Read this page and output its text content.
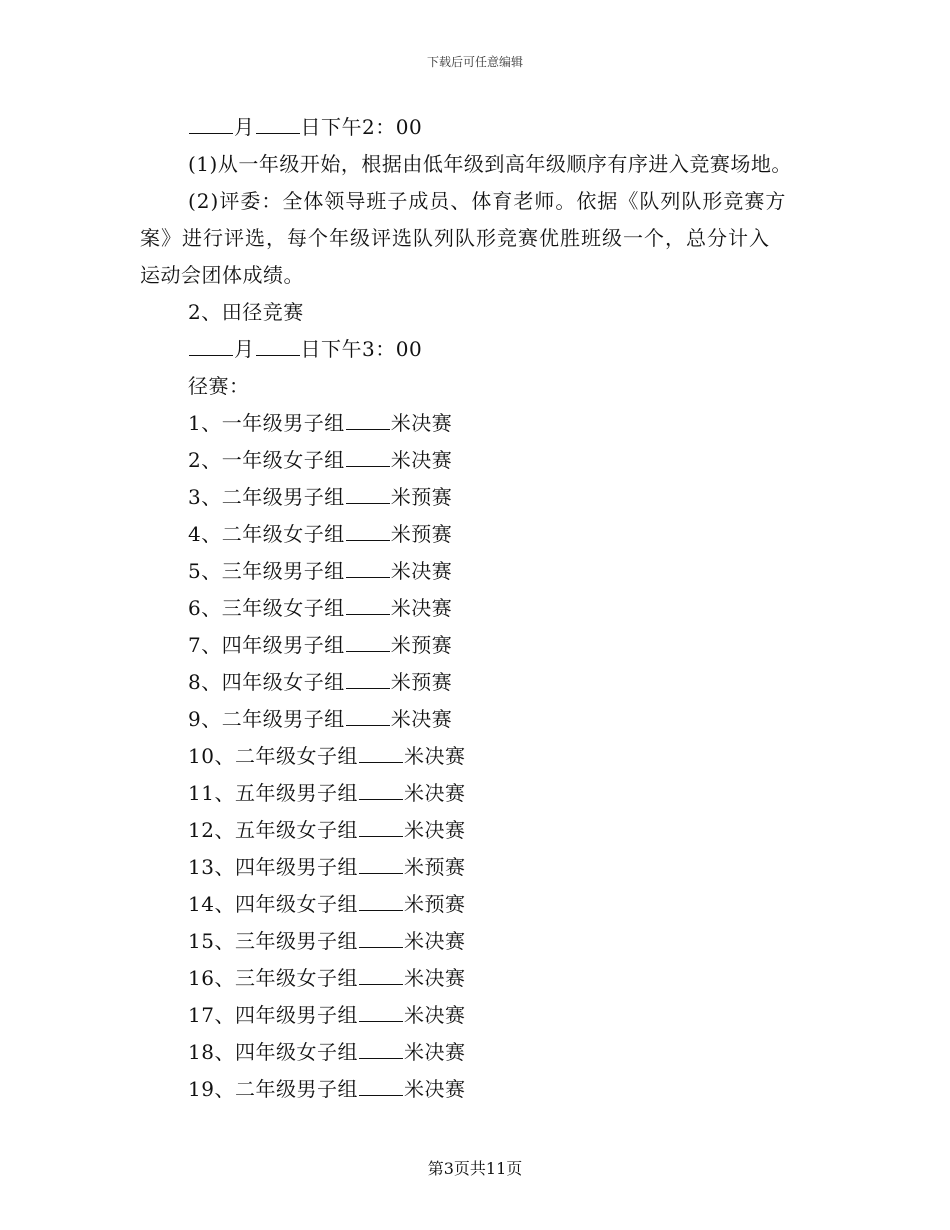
下载后可任意编辑
月 日下午2：00
(1)从一年级开始，根据由低年级到高年级顺序有序进入竞赛场地。
(2)评委：全体领导班子成员、体育老师。依据《队列队形竞赛方
案》进行评选，每个年级评选队列队形竞赛优胜班级一个，总分计入
运动会团体成绩。
2、田径竞赛
月 日下午3：00
径赛：
1、一年级男子组 米决赛
2、一年级女子组 米决赛
3、二年级男子组 米预赛
4、二年级女子组 米预赛
5、三年级男子组 米决赛
6、三年级女子组 米决赛
7、四年级男子组 米预赛
8、四年级女子组 米预赛
9、二年级男子组 米决赛
10、二年级女子组 米决赛
11、五年级男子组 米决赛
12、五年级女子组 米决赛
13、四年级男子组 米预赛
14、四年级女子组 米预赛
15、三年级男子组 米决赛
16、三年级女子组 米决赛
17、四年级男子组 米决赛
18、四年级女子组 米决赛
19、二年级男子组 米决赛
第3页共11页
